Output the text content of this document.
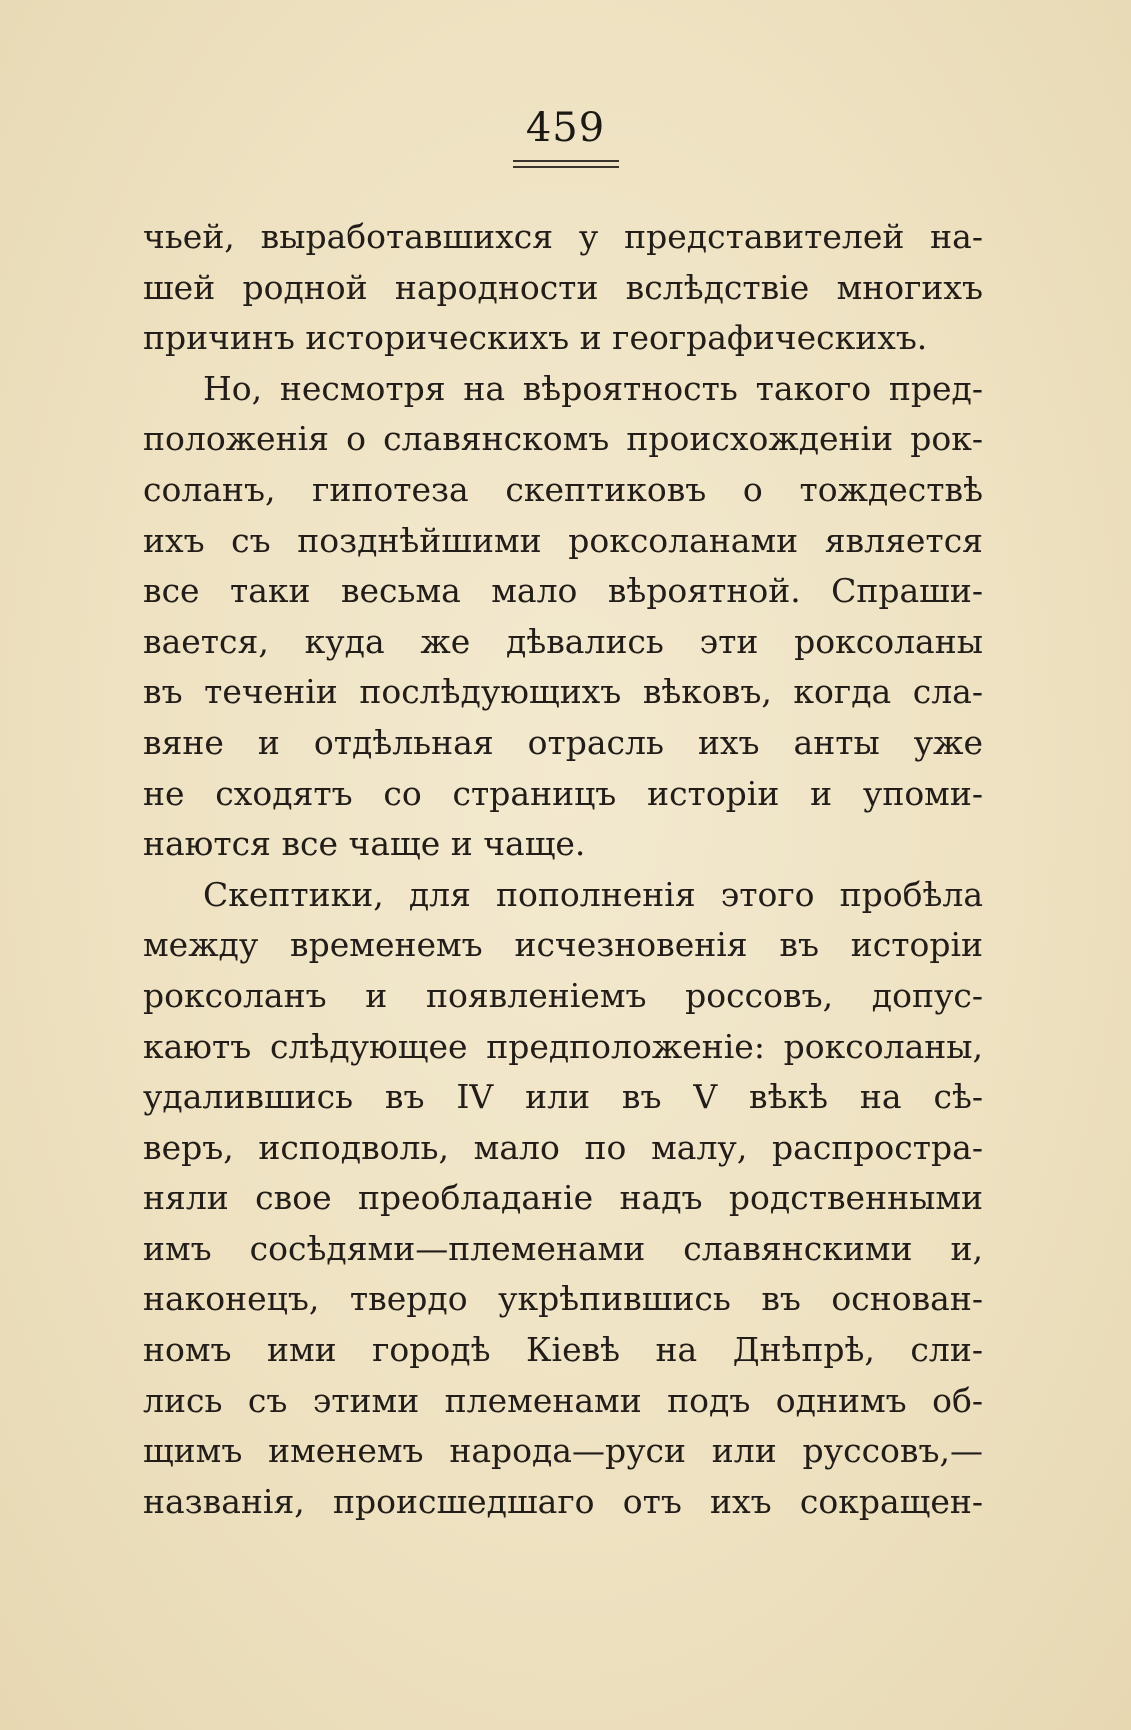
459
чьей, выработавшихся у представителей на-
шей родной народности вслѣдствіе многихъ
причинъ историческихъ и географическихъ.
Но, несмотря на вѣроятность такого пред-
положенія о славянскомъ происхожденіи рок-
соланъ, гипотеза скептиковъ о тождествѣ
ихъ съ позднѣйшими роксоланами является
все таки весьма мало вѣроятной. Спраши-
вается, куда же дѣвались эти роксоланы
въ теченіи послѣдующихъ вѣковъ, когда сла-
вяне и отдѣльная отрасль ихъ анты уже
не сходятъ со страницъ исторіи и упоми-
наются все чаще и чаще.
Скептики, для пополненія этого пробѣла
между временемъ исчезновенія въ исторіи
роксоланъ и появленіемъ россовъ, допус-
каютъ слѣдующее предположеніе: роксоланы,
удалившись въ IV или въ V вѣкѣ на сѣ-
веръ, исподволь, мало по малу, распростра-
няли свое преобладаніе надъ родственными
имъ сосѣдями—племенами славянскими и,
наконецъ, твердо укрѣпившись въ основан-
номъ ими городѣ Кіевѣ на Днѣпрѣ, сли-
лись съ этими племенами подъ однимъ об-
щимъ именемъ народа—руси или руссовъ,—
названія, происшедшаго отъ ихъ сокращен-
